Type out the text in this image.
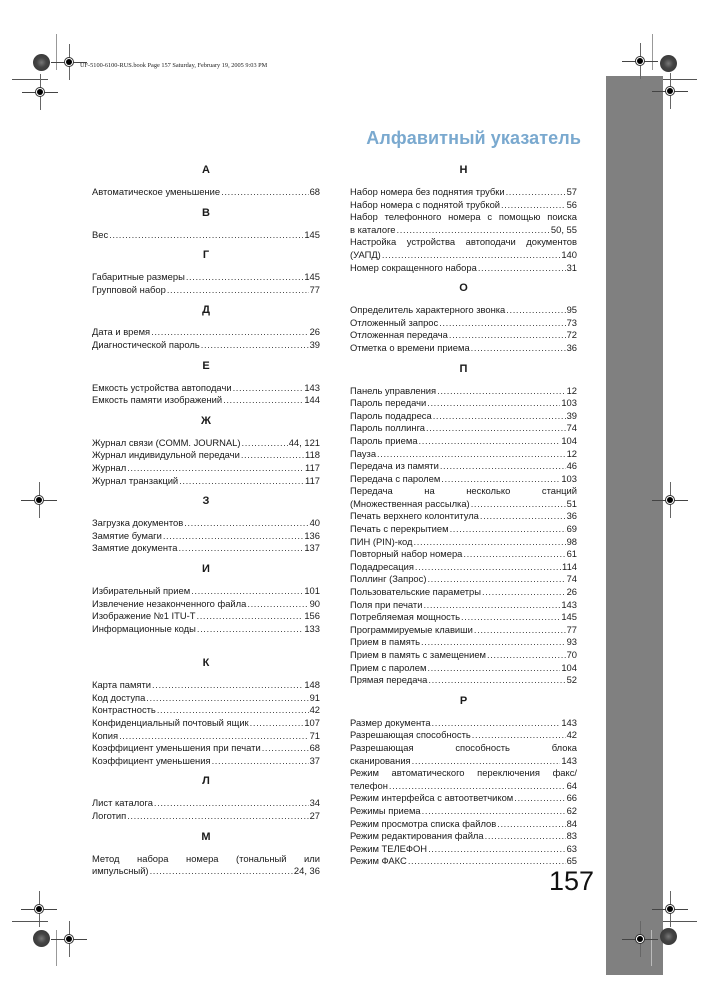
UF-5100-6100-RUS.book Page 157 Saturday, February 19, 2005 9:03 PM
Алфавитный указатель
А
Автоматическое уменьшение .....	68
В
Вес .....	145
Г
Габаритные размеры .....	145
Групповой набор .....	77
Д
Дата и время .....	26
Диагностической пароль .....	39
Е
Емкость устройства автоподачи .....	143
Емкость памяти изображений .....	144
Ж
Журнал связи (COMM. JOURNAL) .....	44, 121
Журнал индивидульной передачи .....	118
Журнал .....	117
Журнал транзакций .....	117
З
Загрузка документов .....	40
Замятие бумаги .....	136
Замятие документа .....	137
И
Избирательный прием .....	101
Извлечение незаконченного файла .....	90
Изображение №1 ITU-T .....	156
Информационные коды .....	133
К
Карта памяти .....	148
Код доступа .....	91
Контрастность .....	42
Конфиденциальный почтовый ящик .....	107
Копия .....	71
Коэффициент уменьшения при печати .....	68
Коэффициент уменьшения .....	37
Л
Лист каталога .....	34
Логотип .....	27
М
Метод набора номера (тональный или
импульсный) .....	24, 36
Н
Набор номера без поднятия трубки .....	57
Набор номера с поднятой трубкой .....	56
Набор телефонного номера с помощью поиска
в каталоге .....	50, 55
Настройка устройства автоподачи документов
(УАПД) .....	140
Номер сокращенного набора .....	31
О
Определитель характерного звонка .....	95
Отложенный запрос .....	73
Отложенная передача .....	72
Отметка о времени приема .....	36
П
Панель управления .....	12
Пароль передачи .....	103
Пароль подадреса .....	39
Пароль поллинга .....	74
Пароль приема .....	104
Пауза .....	12
Передача из памяти .....	46
Передача с паролем .....	103
Передача на несколько станций
(Множественная рассылка) .....	51
Печать верхнего колонтитула .....	36
Печать с перекрытием .....	69
ПИН (PIN)-код .....	98
Повторный набор номера .....	61
Подадресация .....	114
Поллинг (Запрос) .....	74
Пользовательские параметры .....	26
Поля при печати .....	143
Потребляемая мощность .....	145
Программируемые клавиши .....	77
Прием в память .....	93
Прием в память с замещением .....	70
Прием с паролем .....	104
Прямая передача .....	52
Р
Размер документа .....	143
Разрешающая способность .....	42
Разрешающая способность блока
сканирования .....	143
Режим автоматического переключения факс/
телефон .....	64
Режим интерфейса с автоответчиком .....	66
Режимы приема .....	62
Режим просмотра списка файлов .....	84
Режим редактирования файла .....	83
Режим ТЕЛЕФОН .....	63
Режим ФАКС .....	65
157
